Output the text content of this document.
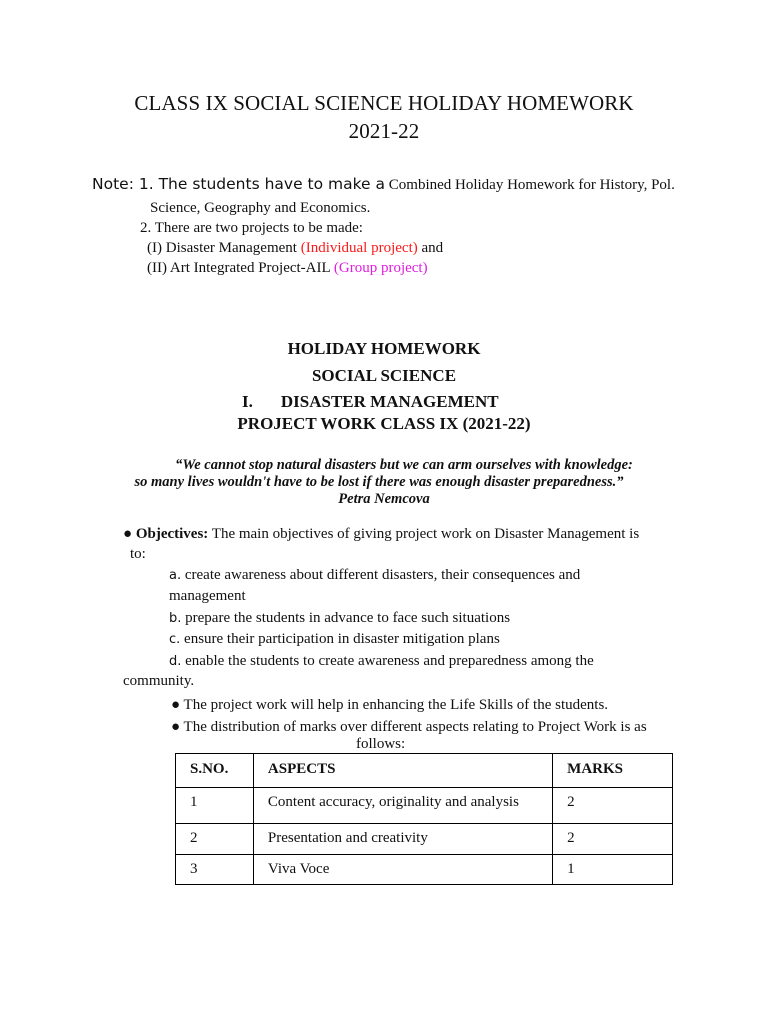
CLASS IX SOCIAL SCIENCE HOLIDAY HOMEWORK
2021-22
Note: 1. The students have to make a Combined Holiday Homework for History, Pol.
Science, Geography and Economics.
2. There are two projects to be made:
(I) Disaster Management (Individual project) and
(II) Art Integrated Project-AIL (Group project)
HOLIDAY HOMEWORK
SOCIAL SCIENCE
I. DISASTER MANAGEMENT
PROJECT WORK CLASS IX (2021-22)
“We cannot stop natural disasters but we can arm ourselves with knowledge:
so many lives wouldn't have to be lost if there was enough disaster preparedness.”
Petra Nemcova
● Objectives: The main objectives of giving project work on Disaster Management is
to:
a. create awareness about different disasters, their consequences and
management
b. prepare the students in advance to face such situations
c. ensure their participation in disaster mitigation plans
d. enable the students to create awareness and preparedness among the
community.
● The project work will help in enhancing the Life Skills of the students.
● The distribution of marks over different aspects relating to Project Work is as
follows:
S.NO.	ASPECTS	MARKS
1	Content accuracy, originality and analysis	2
2	Presentation and creativity	2
3	Viva Voce	1
